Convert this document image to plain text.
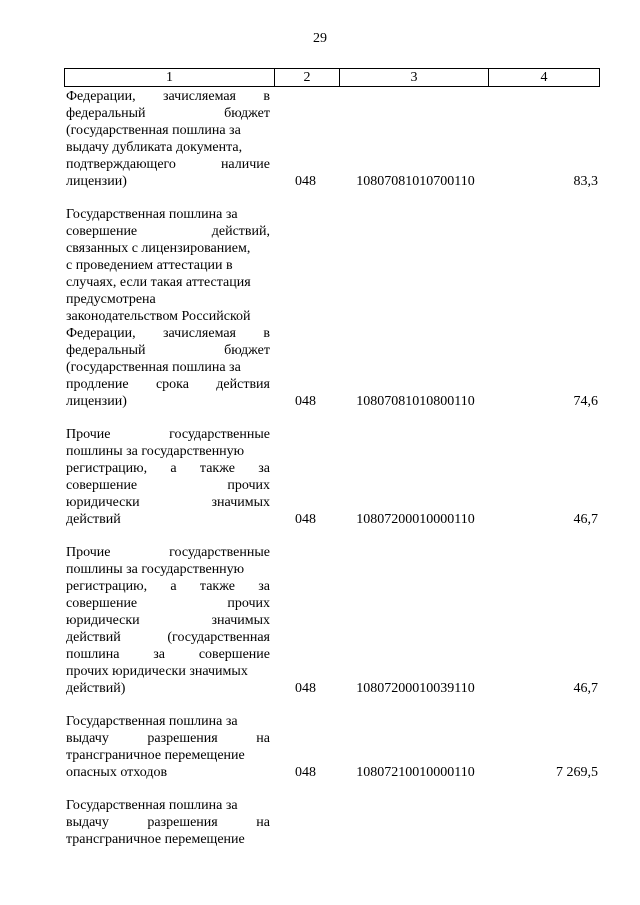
29
1	2	3	4
Федерации, зачисляемая в
федеральный	бюджет
(государственная пошлина за
выдачу дубликата документа,
подтверждающего	наличие
лицензии)	048	10807081010700110	83,3
Государственная пошлина за
совершение	действий,
связанных с лицензированием,
с проведением аттестации в
случаях, если такая аттестация
предусмотрена
законодательством Российской
Федерации, зачисляемая в
федеральный	бюджет
(государственная пошлина за
продление срока действия
лицензии)	048	10807081010800110	74,6
Прочие	государственные
пошлины за государственную
регистрацию, а также за
совершение	прочих
юридически	значимых
действий	048	10807200010000110	46,7
Прочие	государственные
пошлины за государственную
регистрацию, а также за
совершение	прочих
юридически	значимых
действий	(государственная
пошлина за совершение
прочих юридически значимых
действий)	048	10807200010039110	46,7
Государственная пошлина за
выдачу	разрешения	на
трансграничное перемещение
опасных отходов	048	10807210010000110	7 269,5
Государственная пошлина за
выдачу	разрешения	на
трансграничное перемещение
